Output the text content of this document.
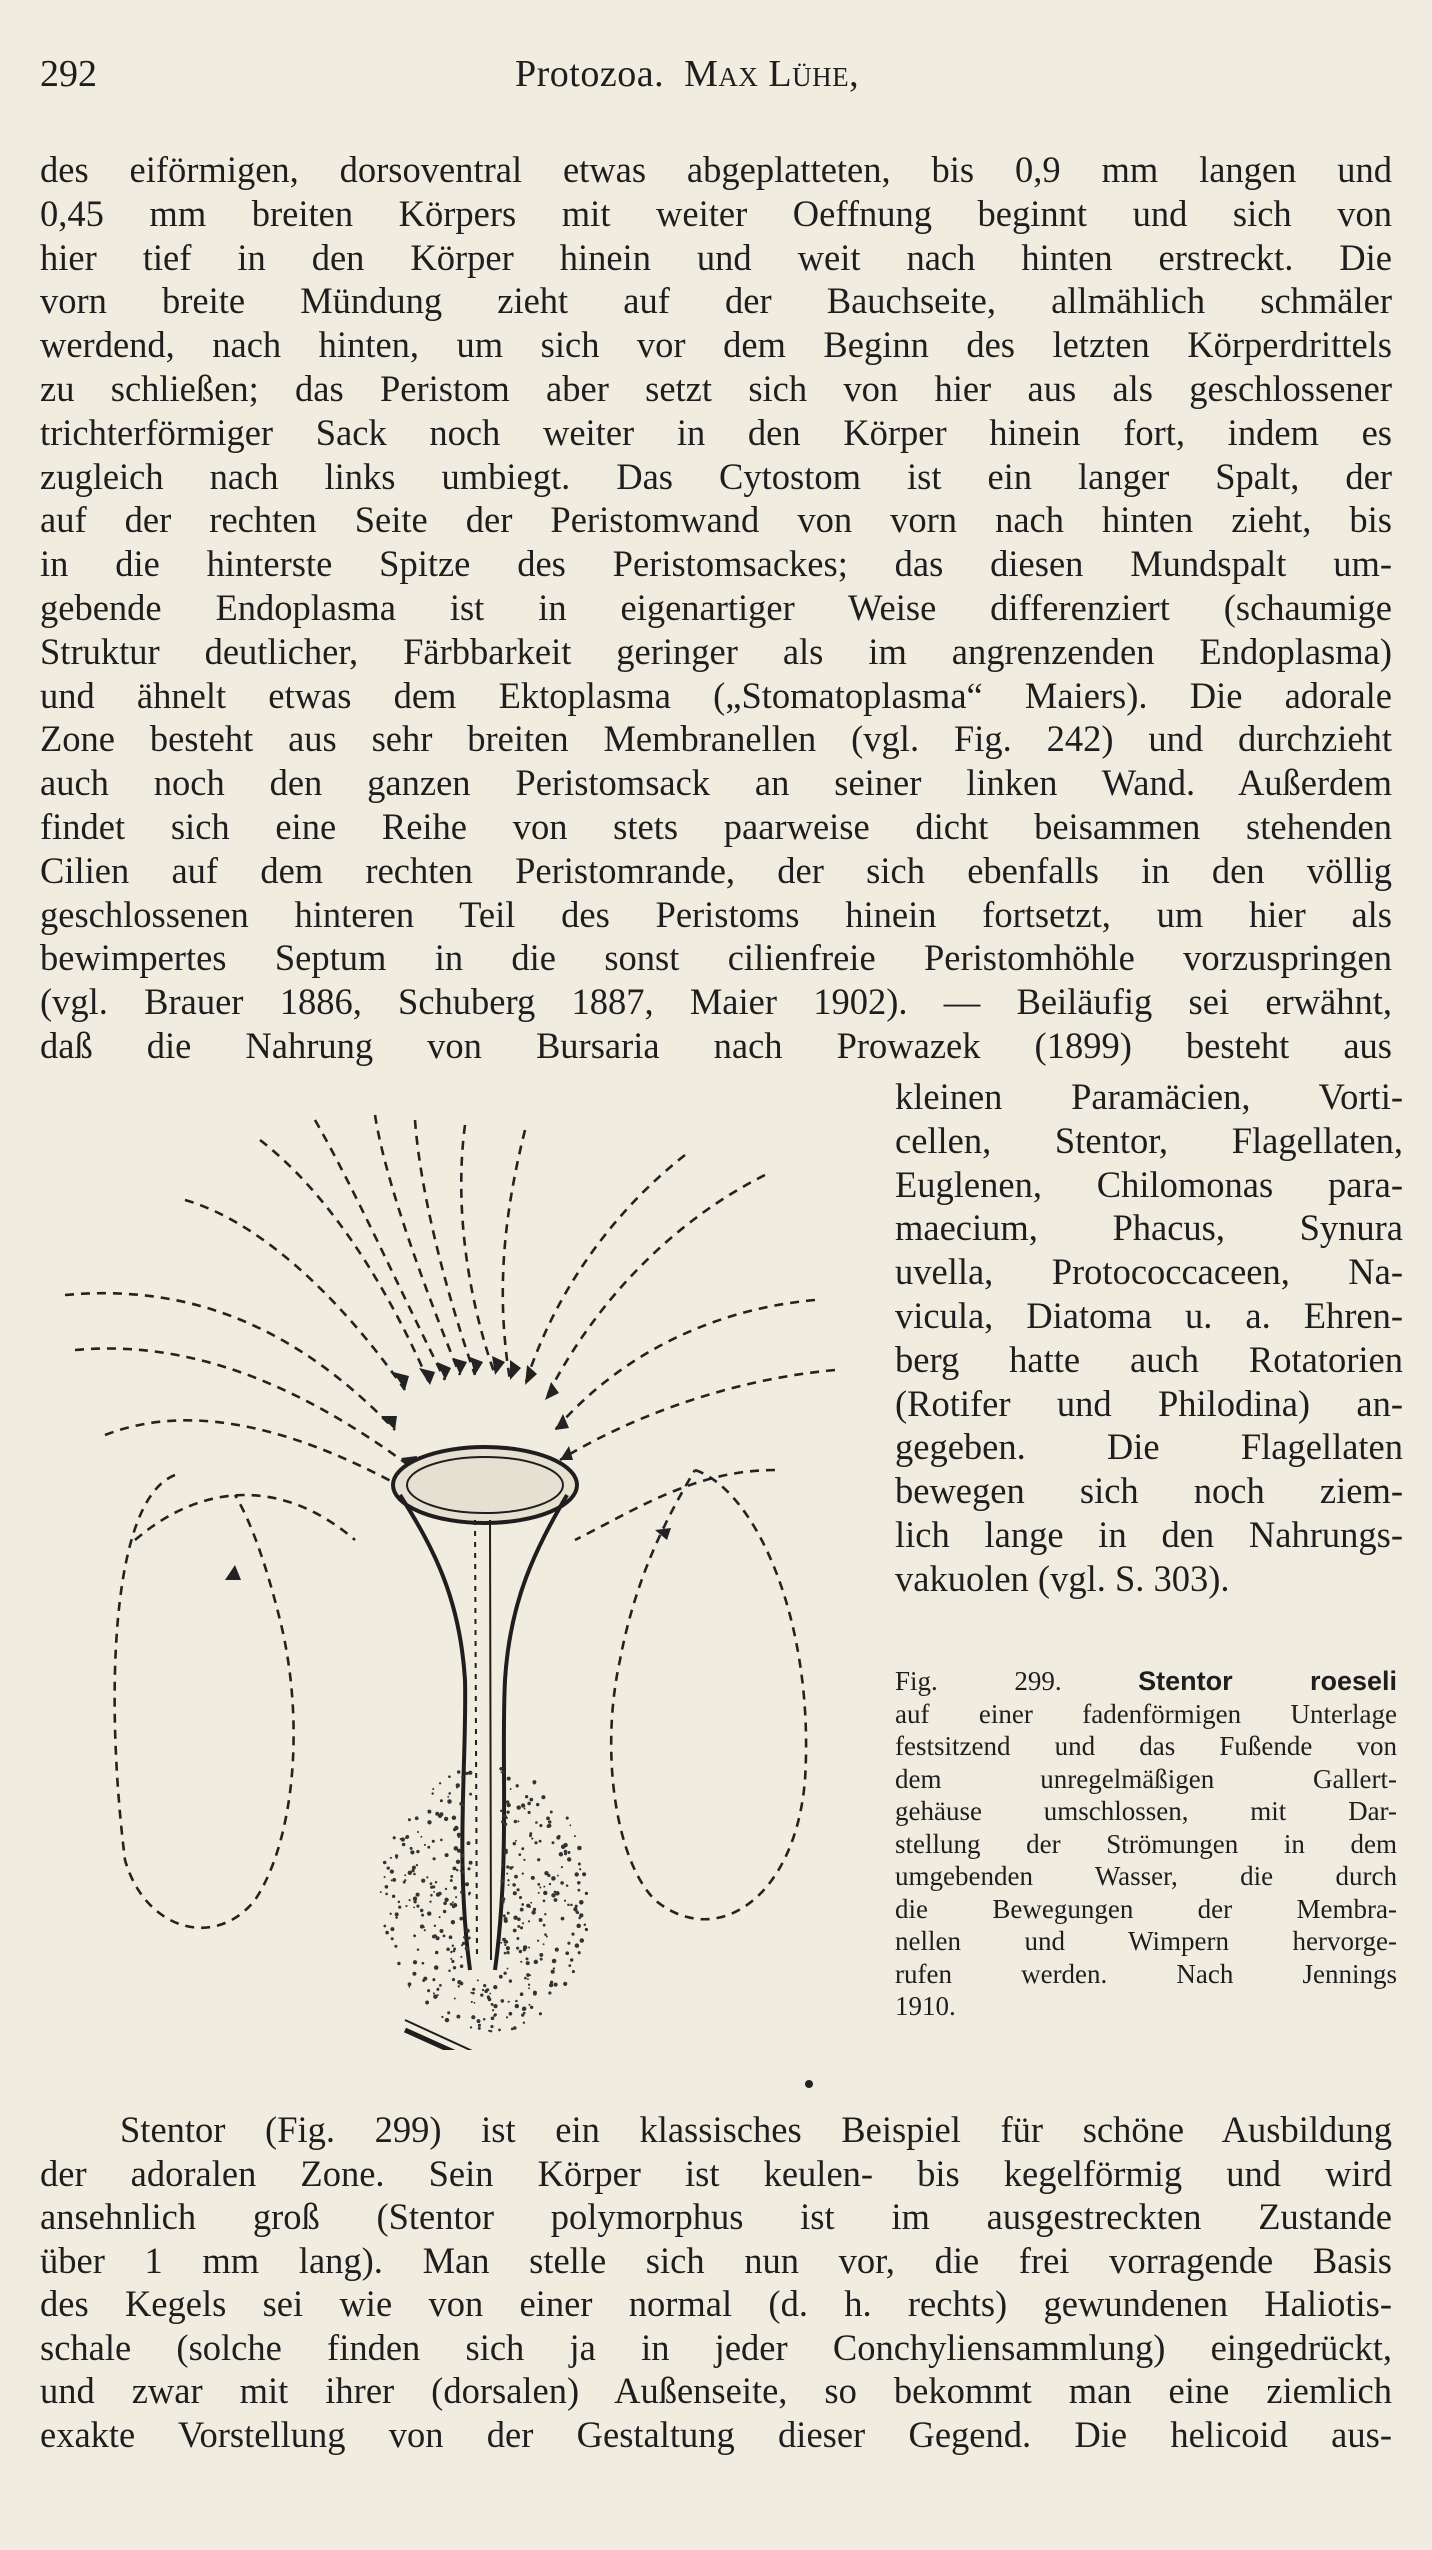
292	Protozoa. Max Lühe,

des eiförmigen, dorsoventral etwas abgeplatteten, bis 0,9 mm langen und
0,45 mm breiten Körpers mit weiter Oeffnung beginnt und sich von
hier tief in den Körper hinein und weit nach hinten erstreckt. Die
vorn breite Mündung zieht auf der Bauchseite, allmählich schmäler
werdend, nach hinten, um sich vor dem Beginn des letzten Körperdrittels
zu schließen; das Peristom aber setzt sich von hier aus als geschlossener
trichterförmiger Sack noch weiter in den Körper hinein fort, indem es
zugleich nach links umbiegt. Das Cytostom ist ein langer Spalt, der
auf der rechten Seite der Peristomwand von vorn nach hinten zieht, bis
in die hinterste Spitze des Peristomsackes; das diesen Mundspalt um-
gebende Endoplasma ist in eigenartiger Weise differenziert (schaumige
Struktur deutlicher, Färbbarkeit geringer als im angrenzenden Endoplasma)
und ähnelt etwas dem Ektoplasma („Stomatoplasma“ Maiers). Die adorale
Zone besteht aus sehr breiten Membranellen (vgl. Fig. 242) und durchzieht
auch noch den ganzen Peristomsack an seiner linken Wand. Außerdem
findet sich eine Reihe von stets paarweise dicht beisammen stehenden
Cilien auf dem rechten Peristomrande, der sich ebenfalls in den völlig
geschlossenen hinteren Teil des Peristoms hinein fortsetzt, um hier als
bewimpertes Septum in die sonst cilienfreie Peristomhöhle vorzuspringen
(vgl. Brauer 1886, Schuberg 1887, Maier 1902). — Beiläufig sei erwähnt,
daß die Nahrung von Bursaria nach Prowazek (1899) besteht aus

kleinen Paramäcien, Vorti-
cellen, Stentor, Flagellaten,
Euglenen, Chilomonas para-
maecium, Phacus, Synura
uvella, Protococcaceen, Na-
vicula, Diatoma u. a. Ehren-
berg hatte auch Rotatorien
(Rotifer und Philodina) an-
gegeben. Die Flagellaten
bewegen sich noch ziem-
lich lange in den Nahrungs-
vakuolen (vgl. S. 303).

Fig. 299.	Stentor roeseli
auf einer fadenförmigen Unterlage
festsitzend und das Fußende von
dem unregelmäßigen Gallert-
gehäuse umschlossen, mit Dar-
stellung der Strömungen in dem
umgebenden Wasser, die durch
die Bewegungen der Membra-
nellen und Wimpern hervorge-
rufen werden. Nach Jennings
1910.

Stentor (Fig. 299) ist ein klassisches Beispiel für schöne Ausbildung
der adoralen Zone. Sein Körper ist keulen- bis kegelförmig und wird
ansehnlich groß (Stentor polymorphus ist im ausgestreckten Zustande
über 1 mm lang). Man stelle sich nun vor, die frei vorragende Basis
des Kegels sei wie von einer normal (d. h. rechts) gewundenen Haliotis-
schale (solche finden sich ja in jeder Conchyliensammlung) eingedrückt,
und zwar mit ihrer (dorsalen) Außenseite, so bekommt man eine ziemlich
exakte Vorstellung von der Gestaltung dieser Gegend. Die helicoid aus-
